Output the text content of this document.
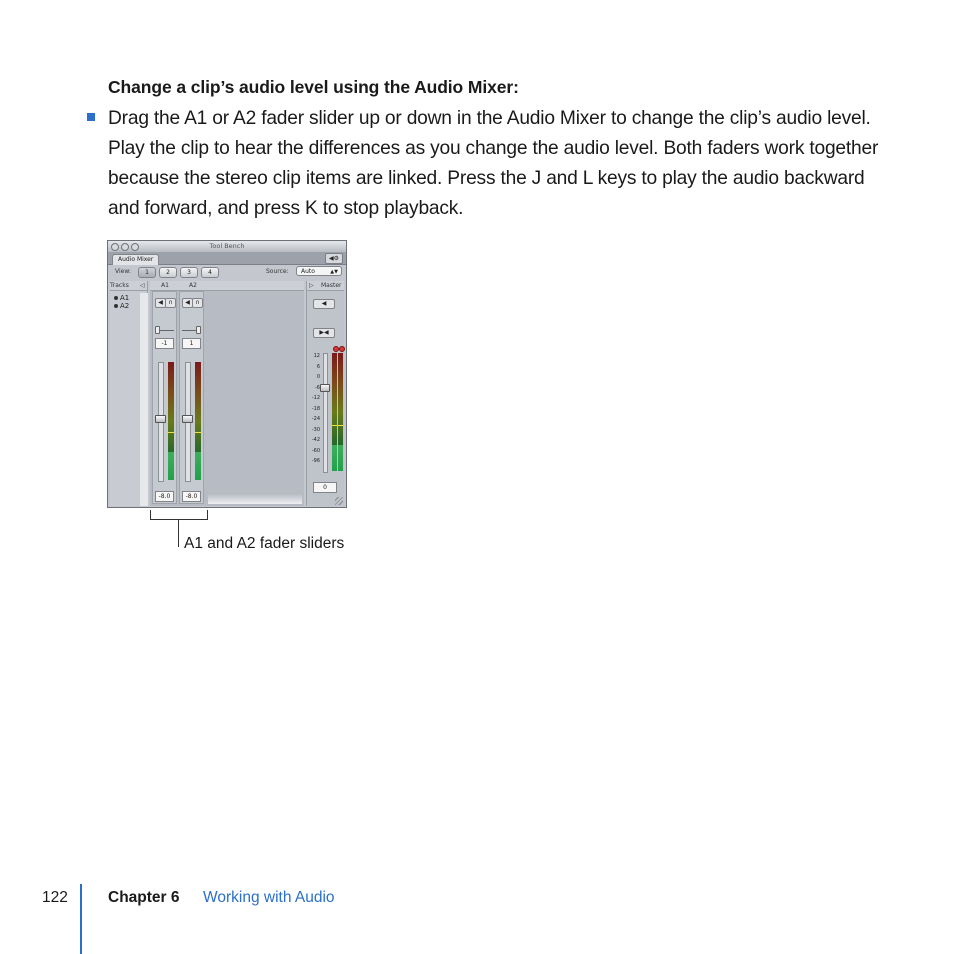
Change a clip’s audio level using the Audio Mixer:
Drag the A1 or A2 fader slider up or down in the Audio Mixer to change the clip’s audio level. Play the clip to hear the differences as you change the audio level. Both faders work together because the stereo clip items are linked. Press the J and L keys to play the audio backward and forward, and press K to stop playback.
Tool Bench
Audio Mixer	◀⚙
View:	1	2	3	4	Source:	Auto	▲▼
Tracks ◁
A1
A2
A1	A2
◀ ∩
-1
-8.0
◀ ∩
1
-8.0
▷ Master
◀
▶◀
12
6
0
-6
-12
-18
-24
-30
-42
-60
-96
0
A1 and A2 fader sliders
122	Chapter 6 Working with Audio
